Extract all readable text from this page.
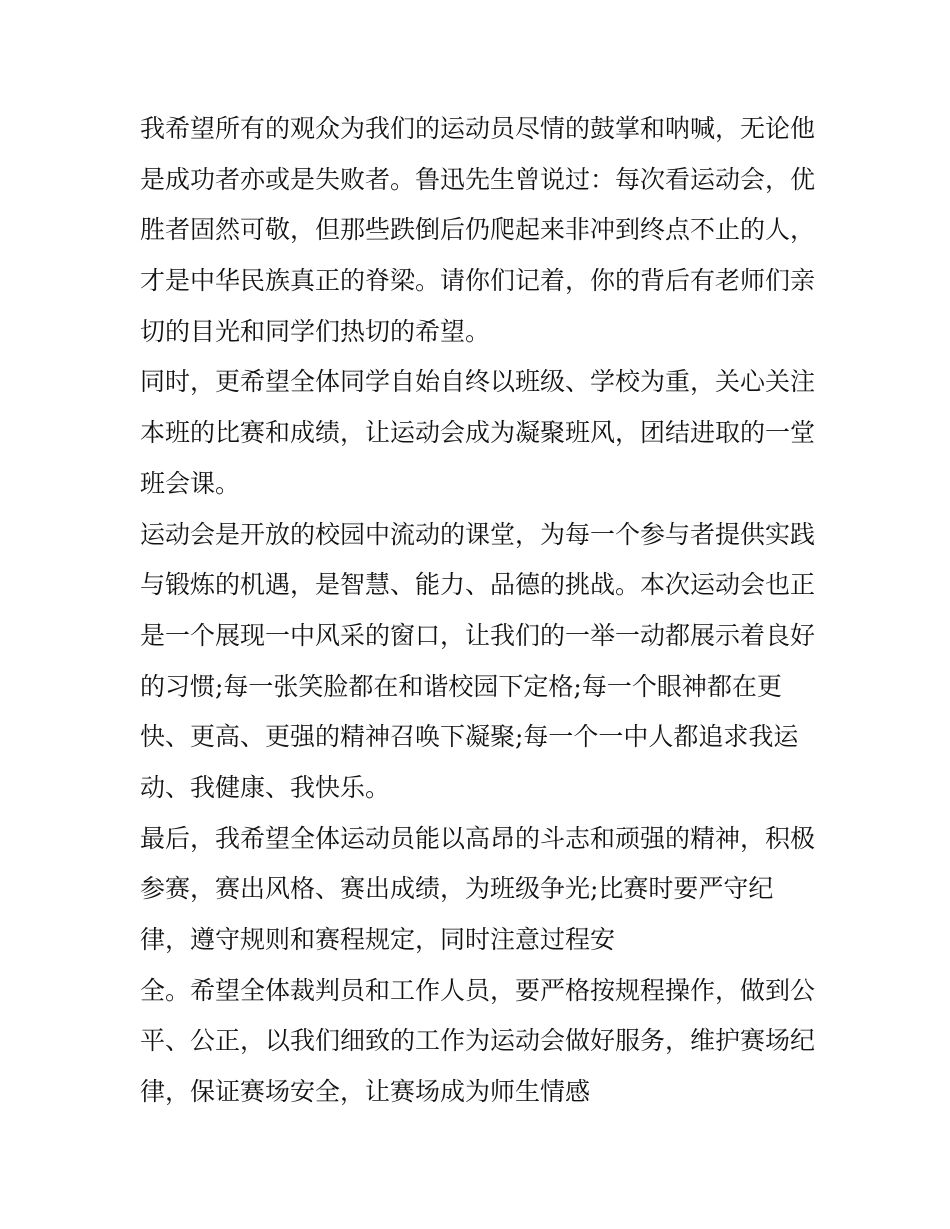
我希望所有的观众为我们的运动员尽情的鼓掌和呐喊，无论他
是成功者亦或是失败者。鲁迅先生曾说过：每次看运动会，优
胜者固然可敬，但那些跌倒后仍爬起来非冲到终点不止的人，
才是中华民族真正的脊梁。请你们记着，你的背后有老师们亲
切的目光和同学们热切的希望。
同时，更希望全体同学自始自终以班级、学校为重，关心关注
本班的比赛和成绩，让运动会成为凝聚班风，团结进取的一堂
班会课。
运动会是开放的校园中流动的课堂，为每一个参与者提供实践
与锻炼的机遇，是智慧、能力、品德的挑战。本次运动会也正
是一个展现一中风采的窗口，让我们的一举一动都展示着良好
的习惯;每一张笑脸都在和谐校园下定格;每一个眼神都在更
快、更高、更强的精神召唤下凝聚;每一个一中人都追求我运
动、我健康、我快乐。
最后，我希望全体运动员能以高昂的斗志和顽强的精神，积极
参赛，赛出风格、赛出成绩，为班级争光;比赛时要严守纪
律，遵守规则和赛程规定，同时注意过程安
全。希望全体裁判员和工作人员，要严格按规程操作，做到公
平、公正，以我们细致的工作为运动会做好服务，维护赛场纪
律，保证赛场安全，让赛场成为师生情感
